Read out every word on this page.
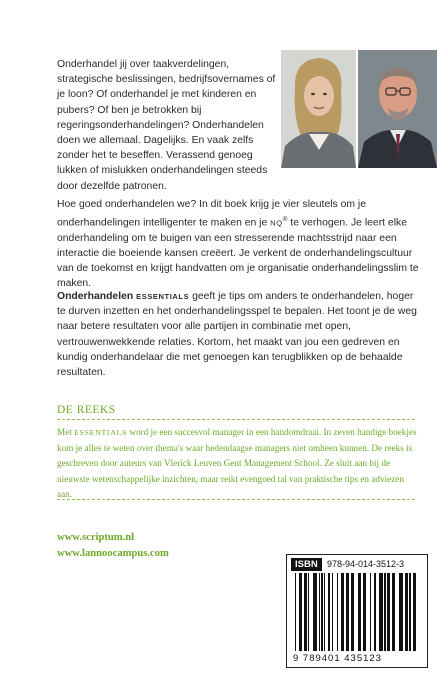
Onderhandel jij over taakverdelingen, strategische beslissingen, bedrijfsovernames of je loon? Of onderhandel je met kinderen en pubers? Of ben je betrokken bij regeringsonderhandelingen? Onderhandelen doen we allemaal. Dagelijks. En vaak zelfs zonder het te beseffen. Verassend genoeg lukken of mislukken onderhandelingen steeds door dezelfde patronen.
Hoe goed onderhandelen we? In dit boek krijg je vier sleutels om je onderhandelingen intelligenter te maken en je NQ® te verhogen. Je leert elke onderhandeling om te buigen van een stresserende machtsstrijd naar een interactie die boeiende kansen creëert. Je verkent de onderhandelingscultuur van de toekomst en krijgt handvatten om je organisatie onderhandelingsslim te maken.
Onderhandelen ESSENTIALS geeft je tips om anders te onderhandelen, hoger te durven inzetten en het onderhandelingsspel te bepalen. Het toont je de weg naar betere resultaten voor alle partijen in combinatie met open, vertrouwenwekkende relaties. Kortom, het maakt van jou een gedreven en kundig onderhandelaar die met genoegen kan terugblikken op de behaalde resultaten.
DE REEKS
Met ESSENTIALS word je een succesvol manager in een handomdraai. In zeven handige boekjes kom je alles te weten over thema's waar hedendaagse managers niet omheen kunnen. De reeks is geschreven door auteurs van Vlerick Leuven Gent Management School. Ze sluit aan bij de nieuwste wetenschappelijke inzichten, maar reikt evengoed tal van praktische tips en adviezen aan.
www.scriptum.nl
www.lannoocampus.com
ISBN	978-94-014-3512-3
9 789401 435123
